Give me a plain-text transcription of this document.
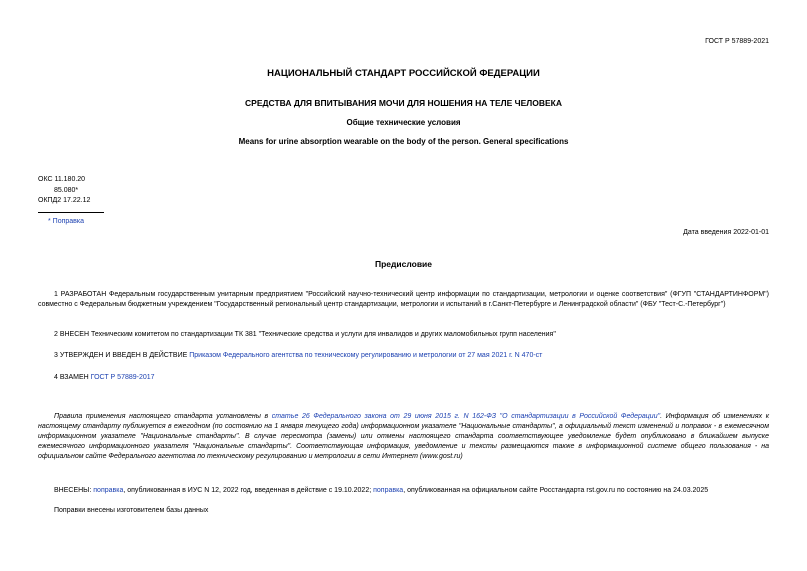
ГОСТ Р 57889-2021
НАЦИОНАЛЬНЫЙ СТАНДАРТ РОССИЙСКОЙ ФЕДЕРАЦИИ
СРЕДСТВА ДЛЯ ВПИТЫВАНИЯ МОЧИ ДЛЯ НОШЕНИЯ НА ТЕЛЕ ЧЕЛОВЕКА
Общие технические условия
Means for urine absorption wearable on the body of the person. General specifications
ОКС 11.180.20
85.080*
ОКПД2 17.22.12
* Поправка
Дата введения 2022-01-01
Предисловие
1 РАЗРАБОТАН Федеральным государственным унитарным предприятием "Российский научно-технический центр информации по стандартизации, метрологии и оценке соответствия" (ФГУП "СТАНДАРТИНФОРМ") совместно с Федеральным бюджетным учреждением "Государственный региональный центр стандартизации, метрологии и испытаний в г.Санкт-Петербурге и Ленинградской области" (ФБУ "Тест-С.-Петербург")
2 ВНЕСЕН Техническим комитетом по стандартизации ТК 381 "Технические средства и услуги для инвалидов и других маломобильных групп населения"
3 УТВЕРЖДЕН И ВВЕДЕН В ДЕЙСТВИЕ Приказом Федерального агентства по техническому регулированию и метрологии от 27 мая 2021 г. N 470-ст
4 ВЗАМЕН ГОСТ Р 57889-2017
Правила применения настоящего стандарта установлены в статье 26 Федерального закона от 29 июня 2015 г. N 162-ФЗ "О стандартизации в Российской Федерации". Информация об изменениях к настоящему стандарту публикуется в ежегодном (по состоянию на 1 января текущего года) информационном указателе "Национальные стандарты", а официальный текст изменений и поправок - в ежемесячном информационном указателе "Национальные стандарты". В случае пересмотра (замены) или отмены настоящего стандарта соответствующее уведомление будет опубликовано в ближайшем выпуске ежемесячного информационного указателя "Национальные стандарты". Соответствующая информация, уведомление и тексты размещаются также в информационной системе общего пользования - на официальном сайте Федерального агентства по техническому регулированию и метрологии в сети Интернет (www.gost.ru)
ВНЕСЕНЫ: поправка, опубликованная в ИУС N 12, 2022 год, введенная в действие с 19.10.2022; поправка, опубликованная на официальном сайте Росстандарта rst.gov.ru по состоянию на 24.03.2025
Поправки внесены изготовителем базы данных
